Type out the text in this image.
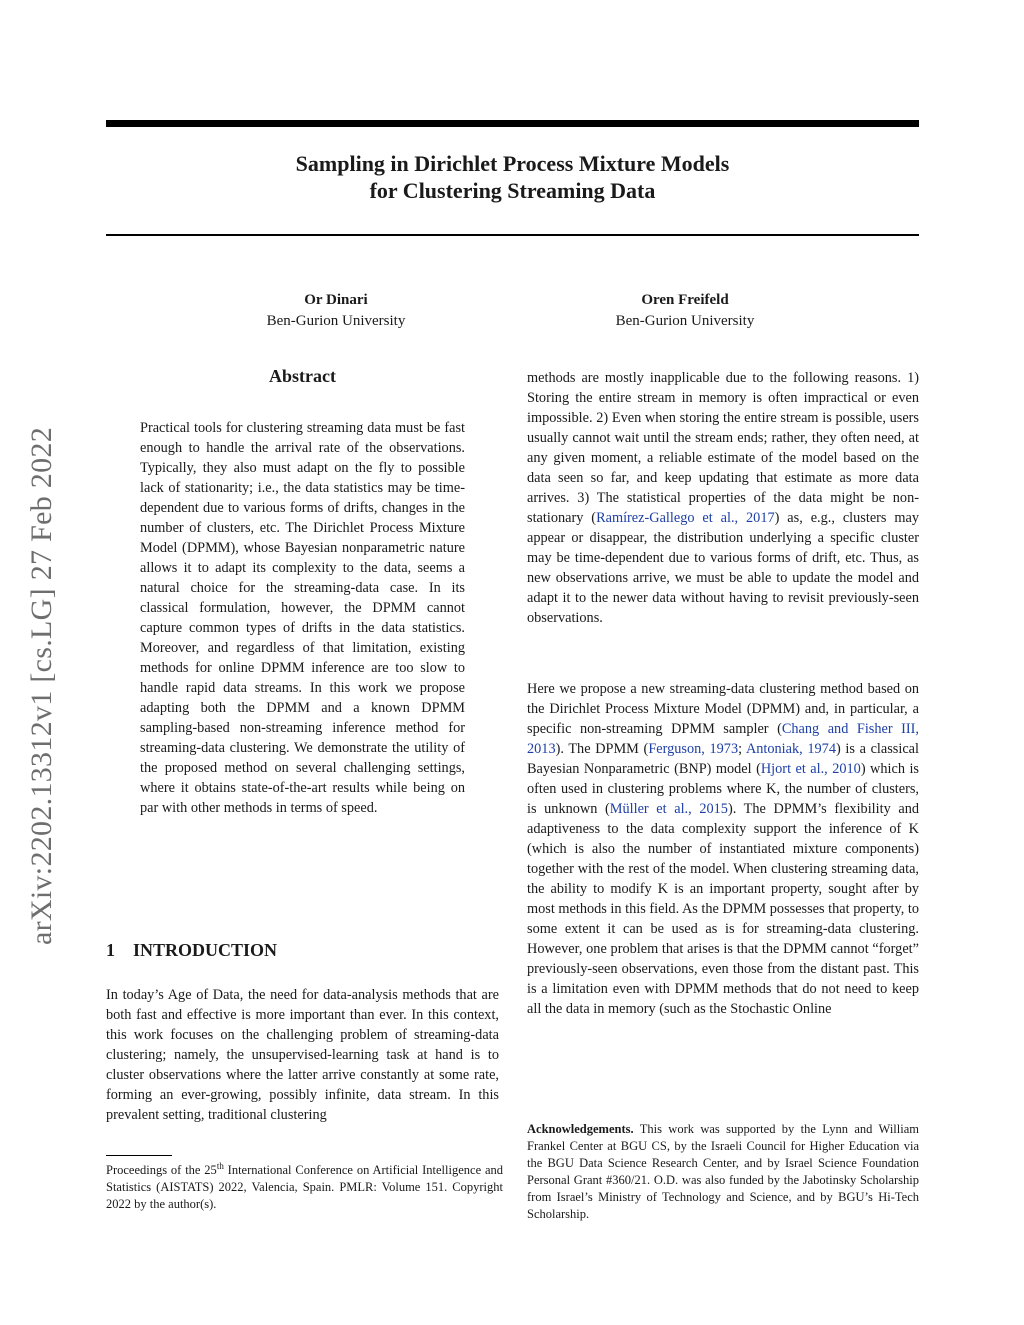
arXiv:2202.13312v1 [cs.LG] 27 Feb 2022
Sampling in Dirichlet Process Mixture Models
for Clustering Streaming Data
Or Dinari
Ben-Gurion University
Oren Freifeld
Ben-Gurion University
Abstract
Practical tools for clustering streaming data must be fast enough to handle the arrival rate of the observations. Typically, they also must adapt on the fly to possible lack of stationarity; i.e., the data statistics may be time-dependent due to various forms of drifts, changes in the number of clusters, etc. The Dirichlet Process Mixture Model (DPMM), whose Bayesian nonparametric nature allows it to adapt its complexity to the data, seems a natural choice for the streaming-data case. In its classical formulation, however, the DPMM cannot capture common types of drifts in the data statistics. Moreover, and regardless of that limitation, existing methods for online DPMM inference are too slow to handle rapid data streams. In this work we propose adapting both the DPMM and a known DPMM sampling-based non-streaming inference method for streaming-data clustering. We demonstrate the utility of the proposed method on several challenging settings, where it obtains state-of-the-art results while being on par with other methods in terms of speed.
1 INTRODUCTION
In today’s Age of Data, the need for data-analysis methods that are both fast and effective is more important than ever. In this context, this work focuses on the challenging problem of streaming-data clustering; namely, the unsupervised-learning task at hand is to cluster observations where the latter arrive constantly at some rate, forming an ever-growing, possibly infinite, data stream. In this prevalent setting, traditional clustering
Proceedings of the 25th International Conference on Artificial Intelligence and Statistics (AISTATS) 2022, Valencia, Spain. PMLR: Volume 151. Copyright 2022 by the author(s).
methods are mostly inapplicable due to the following reasons. 1) Storing the entire stream in memory is often impractical or even impossible. 2) Even when storing the entire stream is possible, users usually cannot wait until the stream ends; rather, they often need, at any given moment, a reliable estimate of the model based on the data seen so far, and keep updating that estimate as more data arrives. 3) The statistical properties of the data might be non-stationary (Ramírez-Gallego et al., 2017) as, e.g., clusters may appear or disappear, the distribution underlying a specific cluster may be time-dependent due to various forms of drift, etc. Thus, as new observations arrive, we must be able to update the model and adapt it to the newer data without having to revisit previously-seen observations.
Here we propose a new streaming-data clustering method based on the Dirichlet Process Mixture Model (DPMM) and, in particular, a specific non-streaming DPMM sampler (Chang and Fisher III, 2013). The DPMM (Ferguson, 1973; Antoniak, 1974) is a classical Bayesian Nonparametric (BNP) model (Hjort et al., 2010) which is often used in clustering problems where K, the number of clusters, is unknown (Müller et al., 2015). The DPMM’s flexibility and adaptiveness to the data complexity support the inference of K (which is also the number of instantiated mixture components) together with the rest of the model. When clustering streaming data, the ability to modify K is an important property, sought after by most methods in this field. As the DPMM possesses that property, to some extent it can be used as is for streaming-data clustering. However, one problem that arises is that the DPMM cannot “forget” previously-seen observations, even those from the distant past. This is a limitation even with DPMM methods that do not need to keep all the data in memory (such as the Stochastic Online
Acknowledgements. This work was supported by the Lynn and William Frankel Center at BGU CS, by the Israeli Council for Higher Education via the BGU Data Science Research Center, and by Israel Science Foundation Personal Grant #360/21. O.D. was also funded by the Jabotinsky Scholarship from Israel’s Ministry of Technology and Science, and by BGU’s Hi-Tech Scholarship.
